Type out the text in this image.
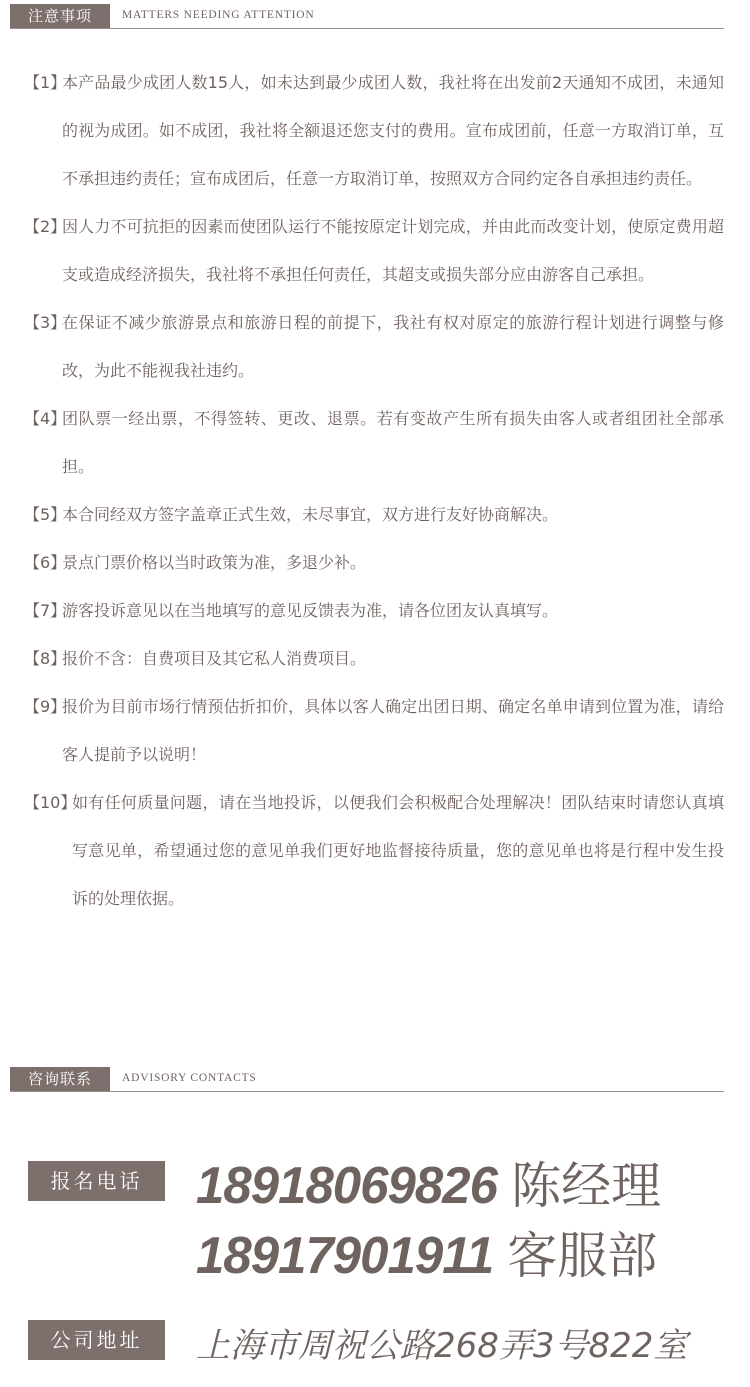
注意事项	MATTERS NEEDING ATTENTION
【1】
本产品最少成团人数15人，如未达到最少成团人数，我社将在出发前2天通知不成团，未通知的视为成团。如不成团，我社将全额退还您支付的费用。宣布成团前，任意一方取消订单，互不承担违约责任；宣布成团后，任意一方取消订单，按照双方合同约定各自承担违约责任。
【2】
因人力不可抗拒的因素而使团队运行不能按原定计划完成，并由此而改变计划，使原定费用超支或造成经济损失，我社将不承担任何责任，其超支或损失部分应由游客自己承担。
【3】
在保证不减少旅游景点和旅游日程的前提下，我社有权对原定的旅游行程计划进行调整与修改，为此不能视我社违约。
【4】
团队票一经出票，不得签转、更改、退票。若有变故产生所有损失由客人或者组团社全部承担。
【5】
本合同经双方签字盖章正式生效，未尽事宜，双方进行友好协商解决。
【6】
景点门票价格以当时政策为准，多退少补。
【7】
游客投诉意见以在当地填写的意见反馈表为准，请各位团友认真填写。
【8】
报价不含：自费项目及其它私人消费项目。
【9】
报价为目前市场行情预估折扣价，具体以客人确定出团日期、确定名单申请到位置为准，请给客人提前予以说明！
【10】
如有任何质量问题，请在当地投诉，以便我们会积极配合处理解决！团队结束时请您认真填写意见单，希望通过您的意见单我们更好地监督接待质量，您的意见单也将是行程中发生投诉的处理依据。
咨询联系	ADVISORY CONTACTS
报名电话	18918069826 陈经理
18917901911 客服部
公司地址	上海市周祝公路268弄3号822室
